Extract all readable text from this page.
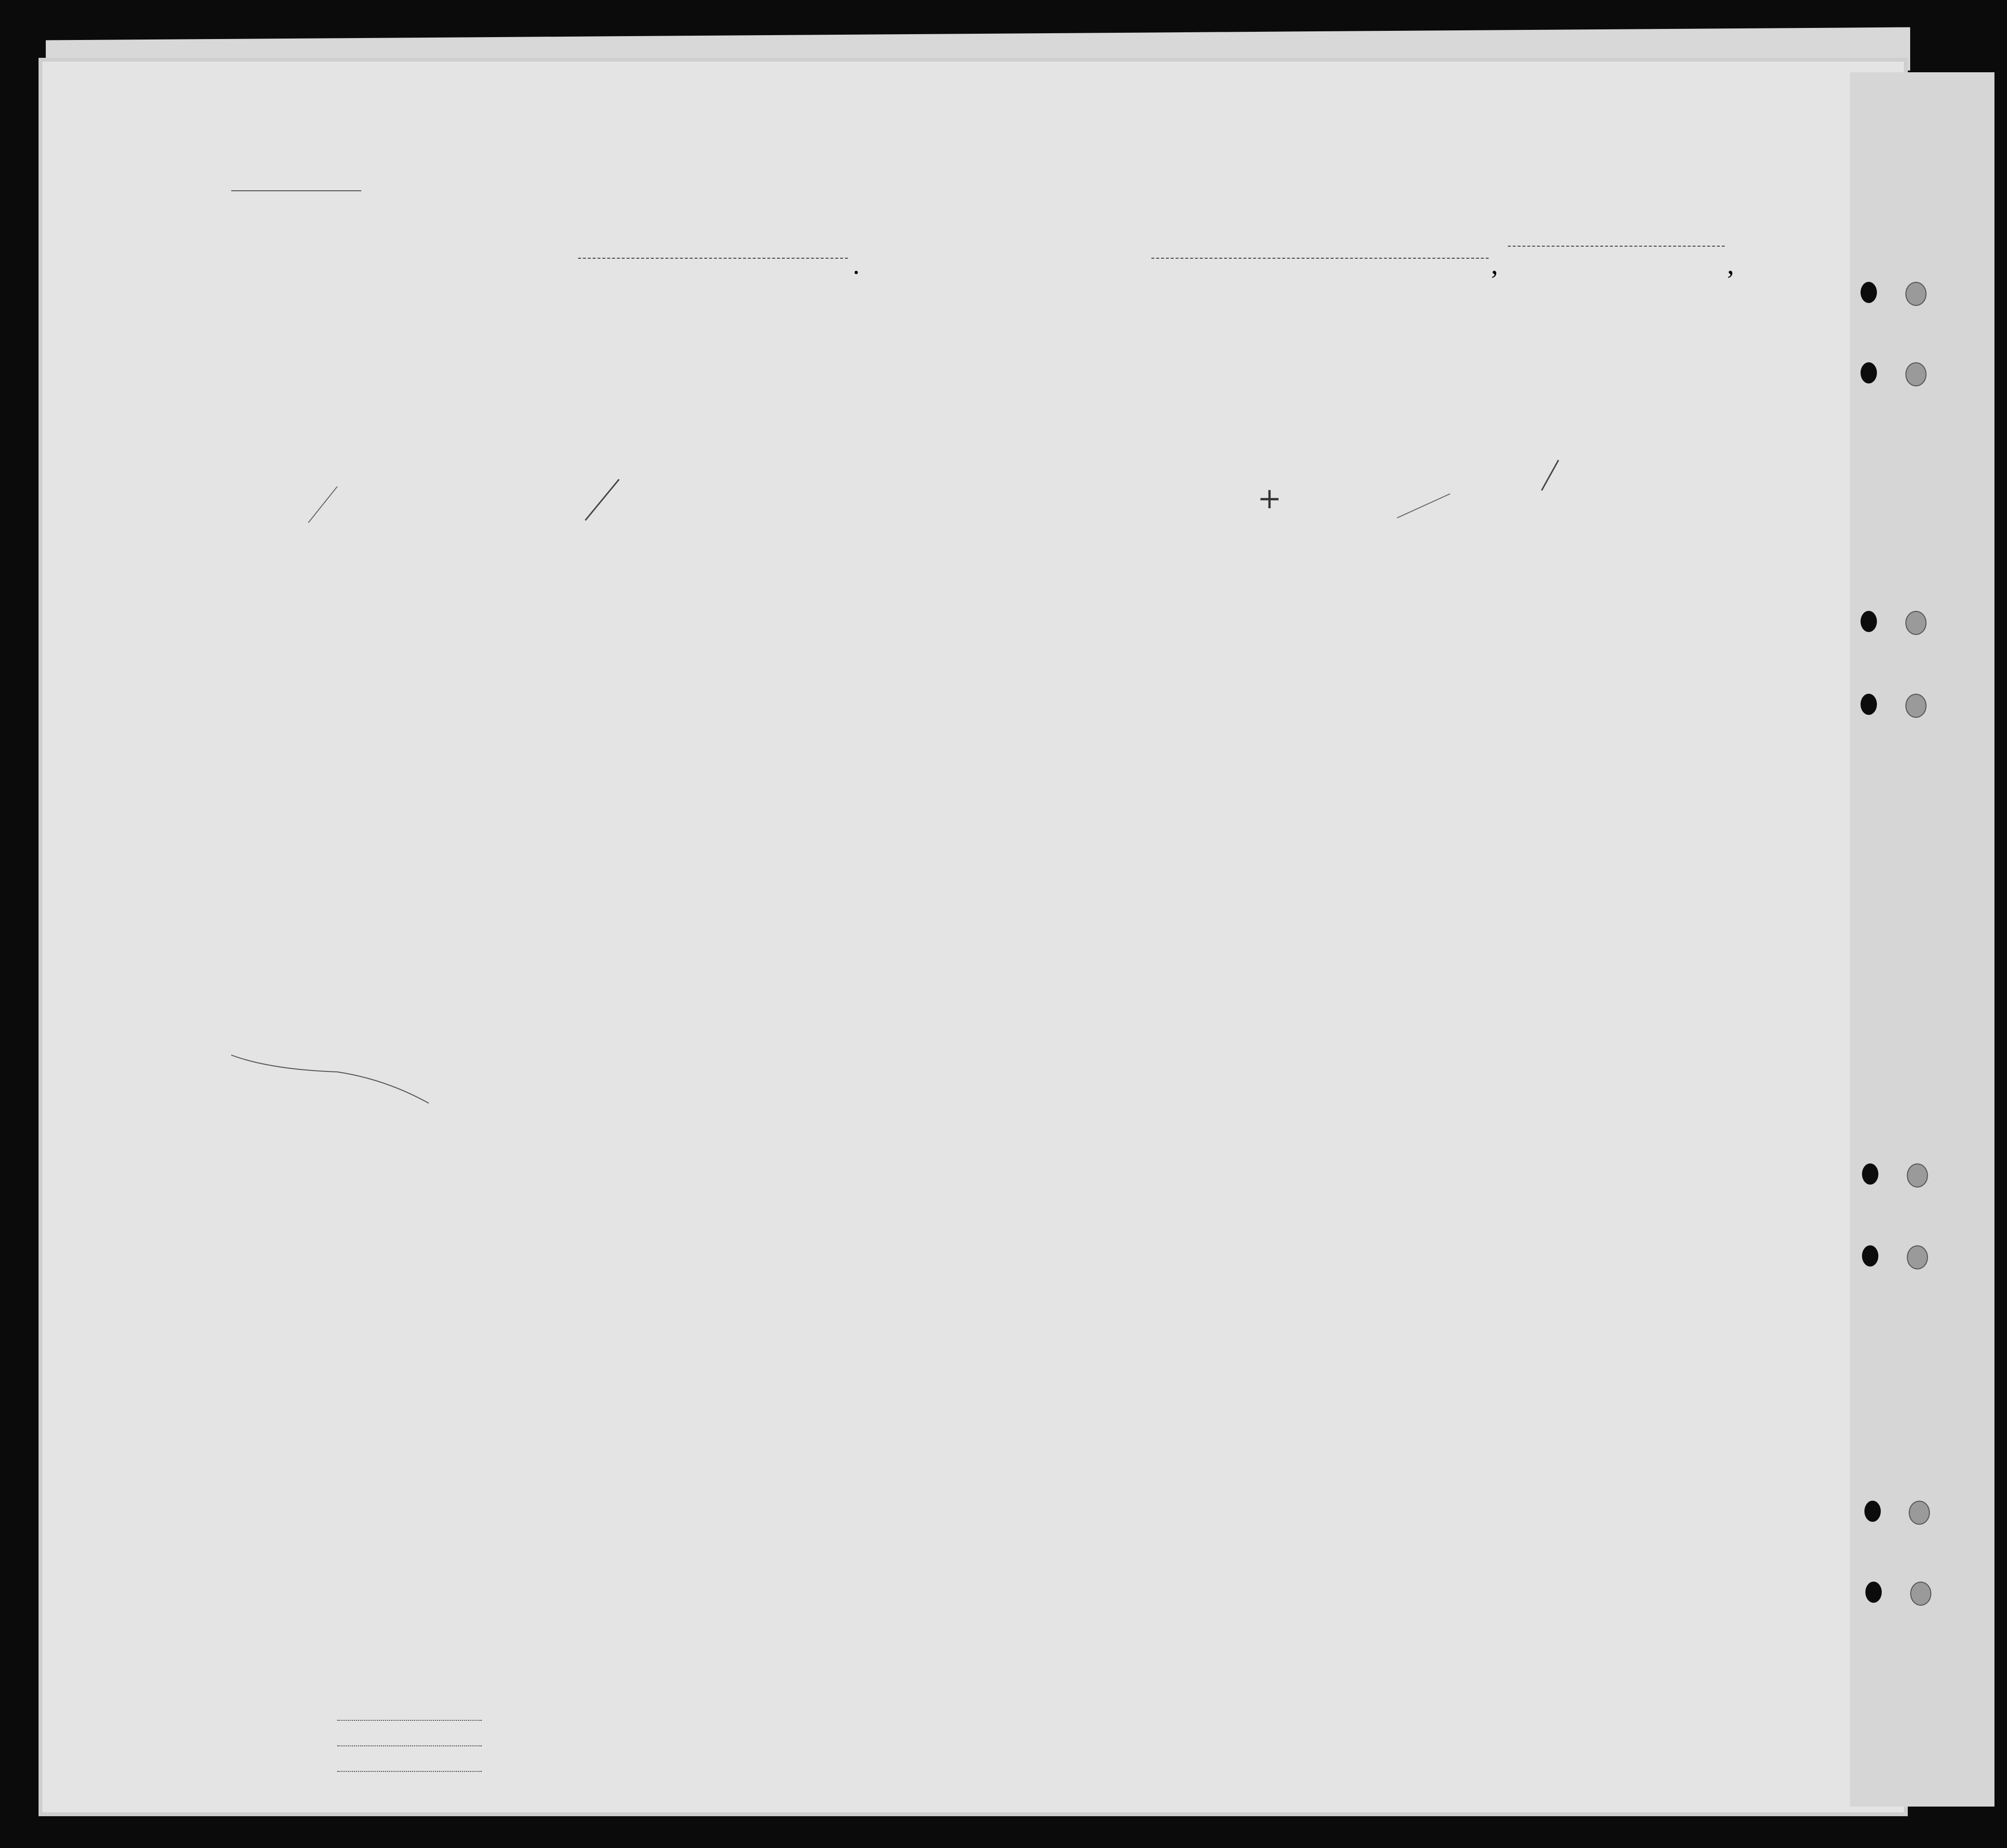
.	,	,
+
